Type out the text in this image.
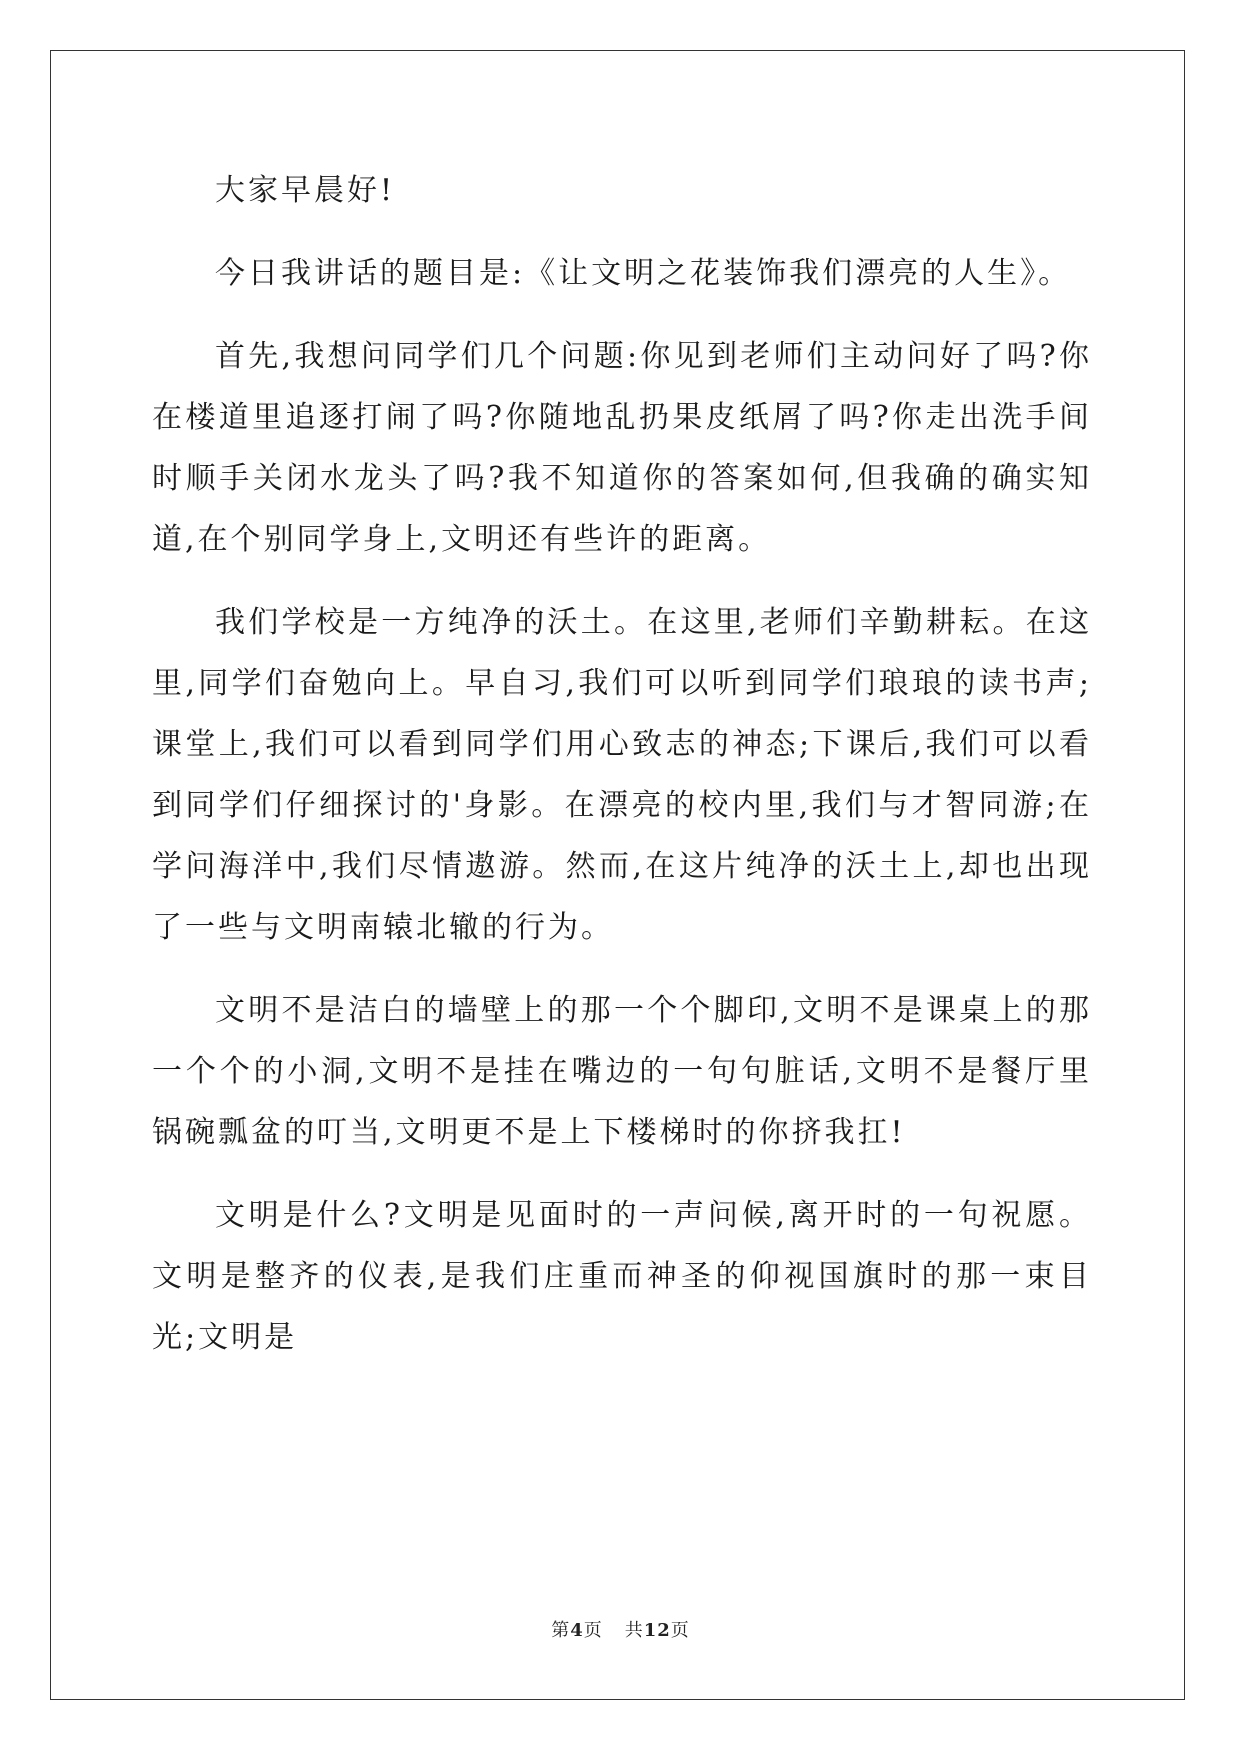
大家早晨好!

今日我讲话的题目是:《让文明之花装饰我们漂亮的人生》。

首先,我想问同学们几个问题:你见到老师们主动问好了吗?你在楼道里追逐打闹了吗?你随地乱扔果皮纸屑了吗?你走出洗手间时顺手关闭水龙头了吗?我不知道你的答案如何,但我确的确实知道,在个别同学身上,文明还有些许的距离。

我们学校是一方纯净的沃土。在这里,老师们辛勤耕耘。在这里,同学们奋勉向上。早自习,我们可以听到同学们琅琅的读书声;课堂上,我们可以看到同学们用心致志的神态;下课后,我们可以看到同学们仔细探讨的'身影。在漂亮的校内里,我们与才智同游;在学问海洋中,我们尽情遨游。然而,在这片纯净的沃土上,却也出现了一些与文明南辕北辙的行为。

文明不是洁白的墙壁上的那一个个脚印,文明不是课桌上的那一个个的小洞,文明不是挂在嘴边的一句句脏话,文明不是餐厅里锅碗瓢盆的叮当,文明更不是上下楼梯时的你挤我扛!

文明是什么?文明是见面时的一声问候,离开时的一句祝愿。文明是整齐的仪表,是我们庄重而神圣的仰视国旗时的那一束目光;文明是

第4页 共12页
